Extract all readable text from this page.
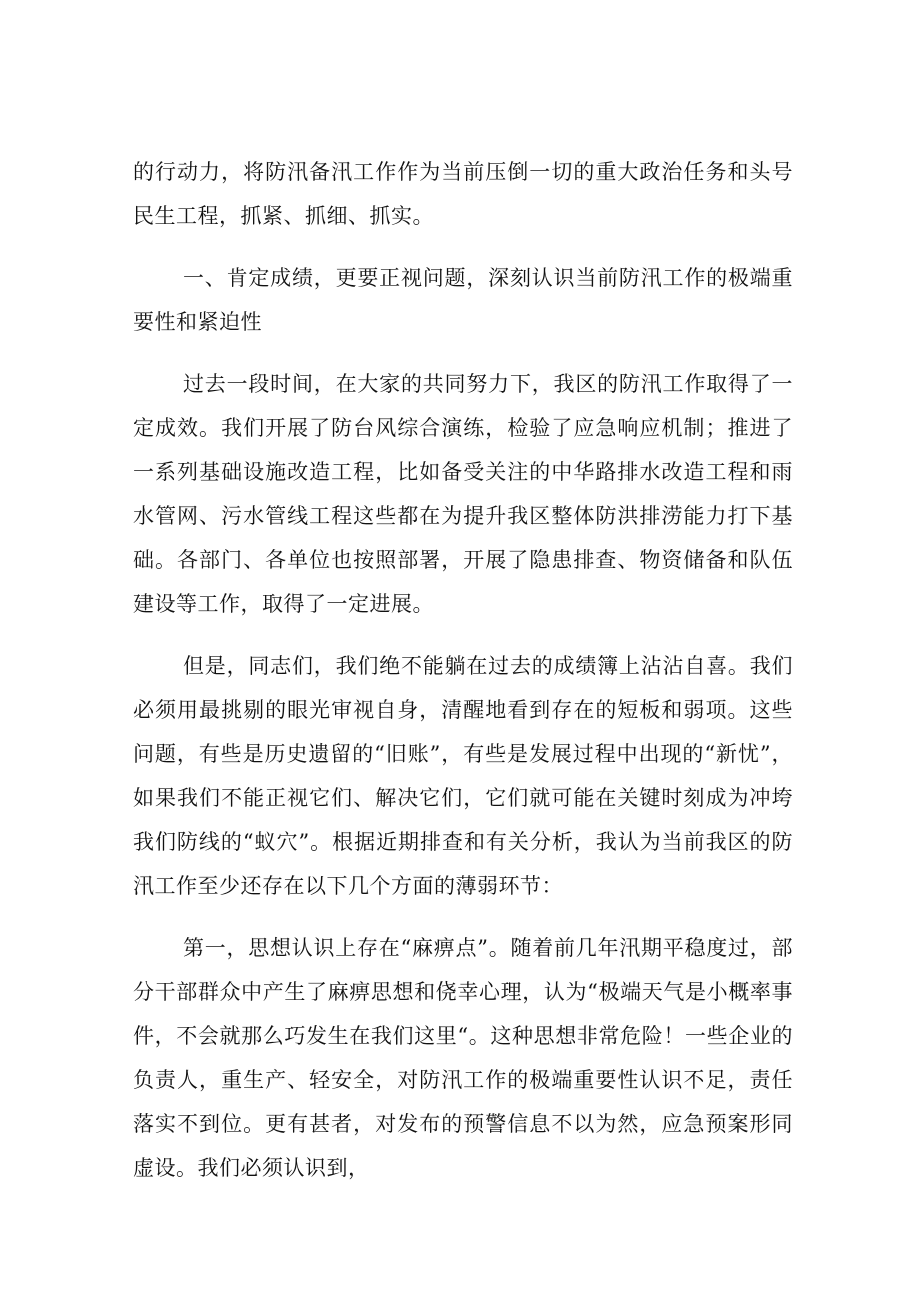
的行动力，将防汛备汛工作作为当前压倒一切的重大政治任务和头号民生工程，抓紧、抓细、抓实。

一、肯定成绩，更要正视问题，深刻认识当前防汛工作的极端重要性和紧迫性

过去一段时间，在大家的共同努力下，我区的防汛工作取得了一定成效。我们开展了防台风综合演练，检验了应急响应机制；推进了一系列基础设施改造工程，比如备受关注的中华路排水改造工程和雨水管网、污水管线工程这些都在为提升我区整体防洪排涝能力打下基础。各部门、各单位也按照部署，开展了隐患排查、物资储备和队伍建设等工作，取得了一定进展。

但是，同志们，我们绝不能躺在过去的成绩簿上沾沾自喜。我们必须用最挑剔的眼光审视自身，清醒地看到存在的短板和弱项。这些问题，有些是历史遗留的“旧账”，有些是发展过程中出现的“新忧”，如果我们不能正视它们、解决它们，它们就可能在关键时刻成为冲垮我们防线的“蚁穴”。根据近期排查和有关分析，我认为当前我区的防汛工作至少还存在以下几个方面的薄弱环节：

第一，思想认识上存在“麻痹点”。随着前几年汛期平稳度过，部分干部群众中产生了麻痹思想和侥幸心理，认为“极端天气是小概率事件，不会就那么巧发生在我们这里“。这种思想非常危险！一些企业的负责人，重生产、轻安全，对防汛工作的极端重要性认识不足，责任落实不到位。更有甚者，对发布的预警信息不以为然，应急预案形同虚设。我们必须认识到，
